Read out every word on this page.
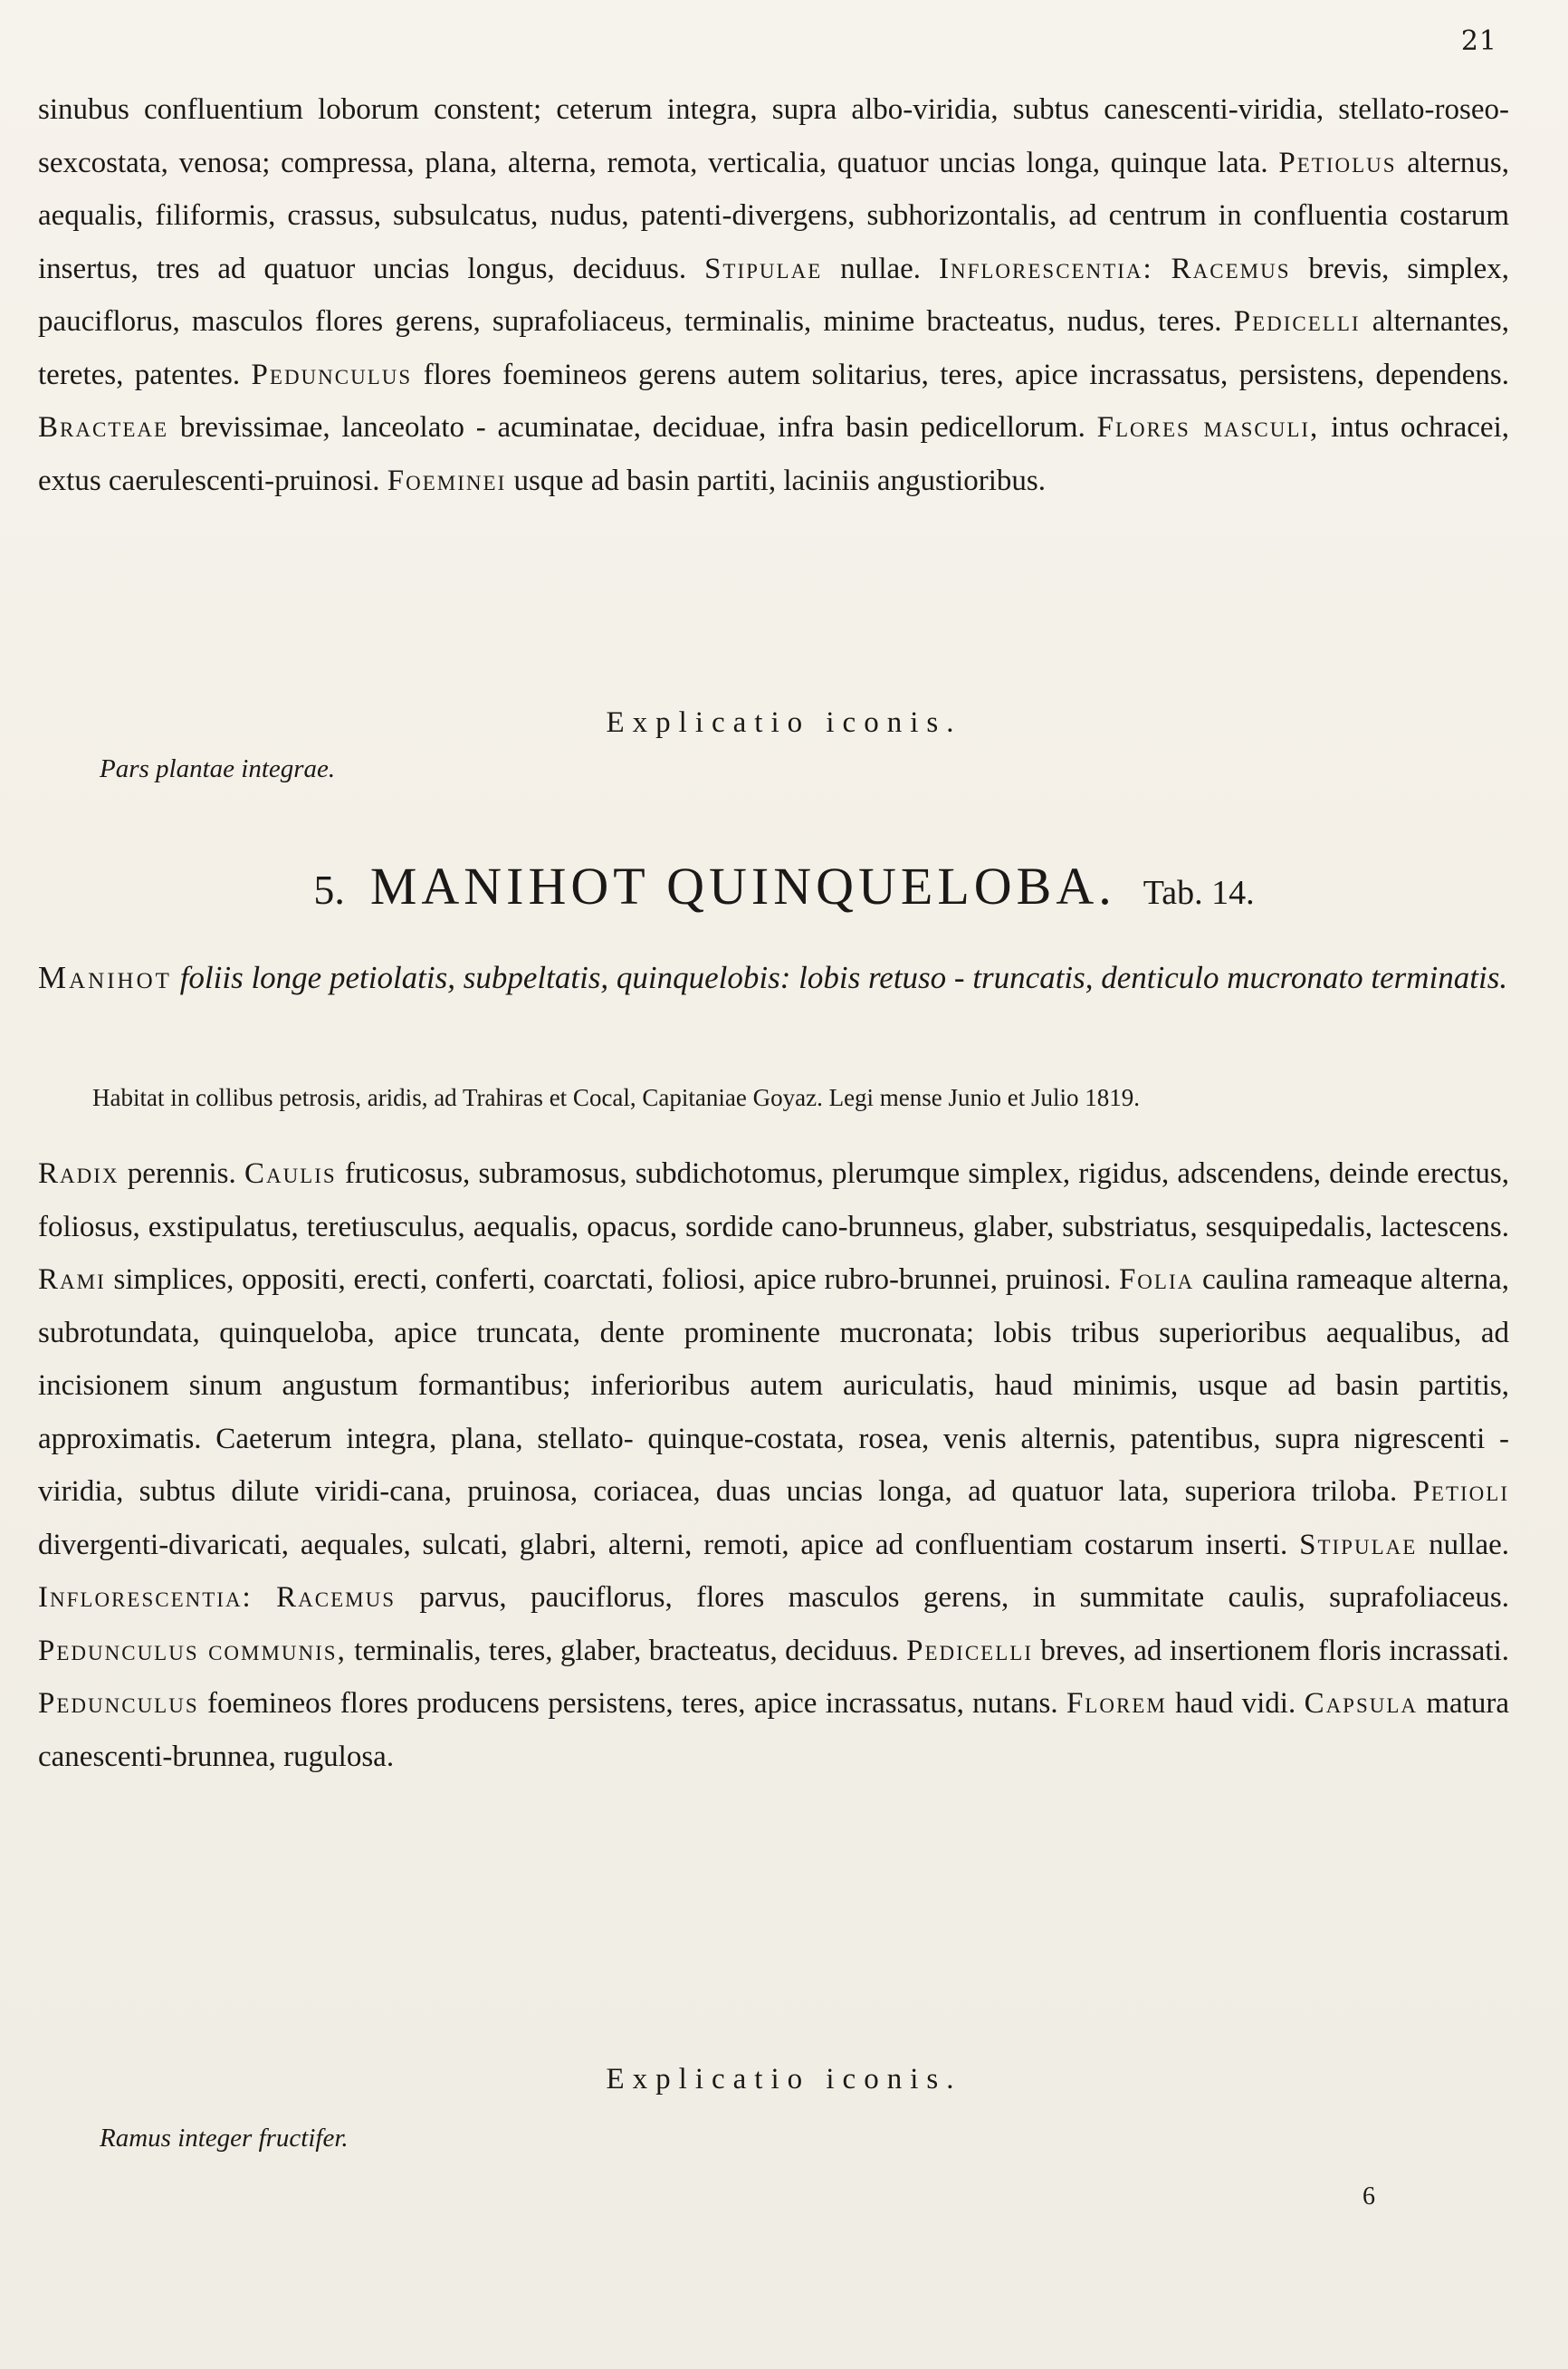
21
sinubus confluentium loborum constent; ceterum integra, supra albo-viridia, subtus canescenti-viridia, stellato-roseo-sexcostata, venosa; compressa, plana, alterna, remota, verticalia, quatuor uncias longa, quinque lata. Petiolus alternus, aequalis, filiformis, crassus, subsulcatus, nudus, patenti-divergens, subhorizontalis, ad centrum in confluentia costarum insertus, tres ad quatuor uncias longus, deciduus. Stipulae nullae. Inflorescentia: Racemus brevis, simplex, pauciflorus, masculos flores gerens, suprafoliaceus, terminalis, minime bracteatus, nudus, teres. Pedicelli alternantes, teretes, patentes. Pedunculus flores foemineos gerens autem solitarius, teres, apice incrassatus, persistens, dependens. Bracteae brevissimae, lanceolato - acuminatae, deciduae, infra basin pedicellorum. Flores masculi, intus ochracei, extus caerulescenti-pruinosi. Foeminei usque ad basin partiti, laciniis angustioribus.
Explicatio iconis.
Pars plantae integrae.
5. MANIHOT QUINQUELOBA. Tab. 14.
Manihot foliis longe petiolatis, subpeltatis, quinquelobis: lobis retuso - truncatis, denticulo mucronato terminatis.
Habitat in collibus petrosis, aridis, ad Trahiras et Cocal, Capitaniae Goyaz. Legi mense Junio et Julio 1819.
Radix perennis. Caulis fruticosus, subramosus, subdichotomus, plerumque simplex, rigidus, adscendens, deinde erectus, foliosus, exstipulatus, teretiusculus, aequalis, opacus, sordide cano-brunneus, glaber, substriatus, sesquipedalis, lactescens. Rami simplices, oppositi, erecti, conferti, coarctati, foliosi, apice rubro-brunnei, pruinosi. Folia caulina rameaque alterna, subrotundata, quinqueloba, apice truncata, dente prominente mucronata; lobis tribus superioribus aequalibus, ad incisionem sinum angustum formantibus; inferioribus autem auriculatis, haud minimis, usque ad basin partitis, approximatis. Caeterum integra, plana, stellato- quinque-costata, rosea, venis alternis, patentibus, supra nigrescenti - viridia, subtus dilute viridi-cana, pruinosa, coriacea, duas uncias longa, ad quatuor lata, superiora triloba. Petioli divergenti-divaricati, aequales, sulcati, glabri, alterni, remoti, apice ad confluentiam costarum inserti. Stipulae nullae. Inflorescentia: Racemus parvus, pauciflorus, flores masculos gerens, in summitate caulis, suprafoliaceus. Pedunculus communis, terminalis, teres, glaber, bracteatus, deciduus. Pedicelli breves, ad insertionem floris incrassati. Pedunculus foemineos flores producens persistens, teres, apice incrassatus, nutans. Florem haud vidi. Capsula matura canescenti-brunnea, rugulosa.
Explicatio iconis.
Ramus integer fructifer.
6
